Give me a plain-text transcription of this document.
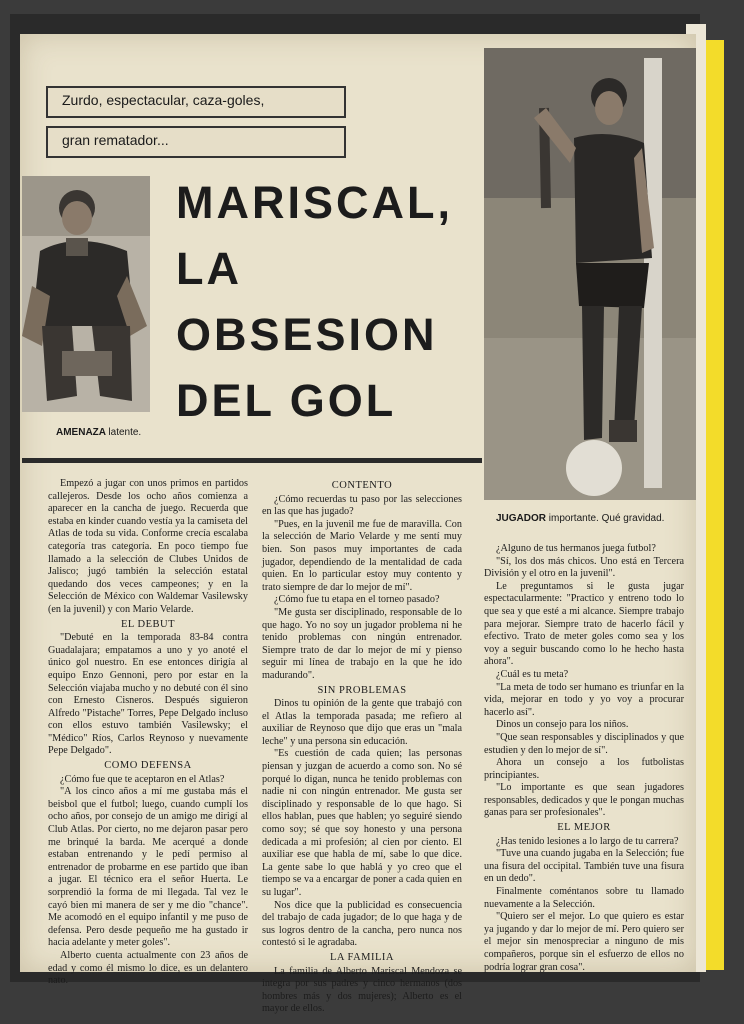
Zurdo, espectacular, caza-goles,
gran rematador...
MARISCAL,
LA
OBSESION
DEL GOL
AMENAZA latente.
JUGADOR importante. Qué gravidad.

Empezó a jugar con unos primos en partidos callejeros. Desde los ocho años comienza a aparecer en la cancha de juego. Recuerda que estaba en kinder cuando vestía ya la camiseta del Atlas de toda su vida. Conforme crecía escalaba categoría tras categoría. En poco tiempo fue llamado a la selección de Clubes Unidos de Jalisco; jugó también la selección estatal quedando dos veces campeones; y en la Selección de México con Waldemar Vasilewsky (en la juvenil) y con Mario Velarde.

EL DEBUT

"Debuté en la temporada 83-84 contra Guadalajara; empatamos a uno y yo anoté el único gol nuestro. En ese entonces dirigía al equipo Enzo Gennoni, pero por estar en la Selección viajaba mucho y no debuté con él sino con Ernesto Cisneros. Después siguieron Alfredo "Pistache" Torres, Pepe Delgado incluso con ellos estuvo también Vasilewsky; el "Médico" Ríos, Carlos Reynoso y nuevamente Pepe Delgado".

COMO DEFENSA

¿Cómo fue que te aceptaron en el Atlas?

"A los cinco años a mí me gustaba más el beisbol que el futbol; luego, cuando cumplí los ocho años, por consejo de un amigo me dirigí al Club Atlas. Por cierto, no me dejaron pasar pero me brinqué la barda. Me acerqué a donde estaban entrenando y le pedí permiso al entrenador de probarme en ese partido que iban a jugar. El técnico era el señor Huerta. Le sorprendió la forma de mi llegada. Tal vez le cayó bien mi manera de ser y me dio "chance". Me acomodó en el equipo infantil y me puso de defensa. Pero desde pequeño me ha gustado ir hacia adelante y meter goles".

Alberto cuenta actualmente con 23 años de edad y como él mismo lo dice, es un delantero nato.

CONTENTO

¿Cómo recuerdas tu paso por las selecciones en las que has jugado?

"Pues, en la juvenil me fue de maravilla. Con la selección de Mario Velarde y me sentí muy bien. Son pasos muy importantes de cada jugador, dependiendo de la mentalidad de cada quien. En lo particular estoy muy contento y trato siempre de dar lo mejor de mí".

¿Cómo fue tu etapa en el torneo pasado?

"Me gusta ser disciplinado, responsable de lo que hago. Yo no soy un jugador problema ni he tenido problemas con ningún entrenador. Siempre trato de dar lo mejor de mí y pienso seguir mi línea de trabajo en la que he ido madurando".

SIN PROBLEMAS

Dinos tu opinión de la gente que trabajó con el Atlas la temporada pasada; me refiero al auxiliar de Reynoso que dijo que eras un "mala leche" y una persona sin educación.

"Es cuestión de cada quien; las personas piensan y juzgan de acuerdo a como son. No sé porqué lo digan, nunca he tenido problemas con nadie ni con ningún entrenador. Me gusta ser disciplinado y responsable de lo que hago. Si ellos hablan, pues que hablen; yo seguiré siendo como soy; sé que soy honesto y una persona dedicada a mi profesión; al cien por ciento. El auxiliar ese que habla de mí, sabe lo que dice. La gente sabe lo que hablá y yo creo que el tiempo se va a encargar de poner a cada quien en su lugar".

Nos dice que la publicidad es consecuencia del trabajo de cada jugador; de lo que haga y de sus logros dentro de la cancha, pero nunca nos contestó si le agradaba.

LA FAMILIA

La familia de Alberto Mariscal Mendoza se integra por sus padres y cinco hermanos (dos hombres más y dos mujeres); Alberto es el mayor de ellos.

¿Alguno de tus hermanos juega futbol?

"Sí, los dos más chicos. Uno está en Tercera División y el otro en la juvenil".

Le preguntamos si le gusta jugar espectacularmente: "Practico y entreno todo lo que sea y que esté a mi alcance. Siempre trabajo para mejorar. Siempre trato de hacerlo fácil y efectivo. Trato de meter goles como sea y los voy a seguir buscando como lo he hecho hasta ahora".

¿Cuál es tu meta?

"La meta de todo ser humano es triunfar en la vida, mejorar en todo y yo voy a procurar hacerlo así".

Dinos un consejo para los niños.

"Que sean responsables y disciplinados y que estudien y den lo mejor de sí".

Ahora un consejo a los futbolistas principiantes.

"Lo importante es que sean jugadores responsables, dedicados y que le pongan muchas ganas para ser profesionales".

EL MEJOR

¿Has tenido lesiones a lo largo de tu carrera?

"Tuve una cuando jugaba en la Selección; fue una fisura del occipital. También tuve una fisura en un dedo".

Finalmente coméntanos sobre tu llamado nuevamente a la Selección.

"Quiero ser el mejor. Lo que quiero es estar ya jugando y dar lo mejor de mí. Pero quiero ser el mejor sin menospreciar a ninguno de mis compañeros, porque sin el esfuerzo de ellos no podría lograr gran cosa".
